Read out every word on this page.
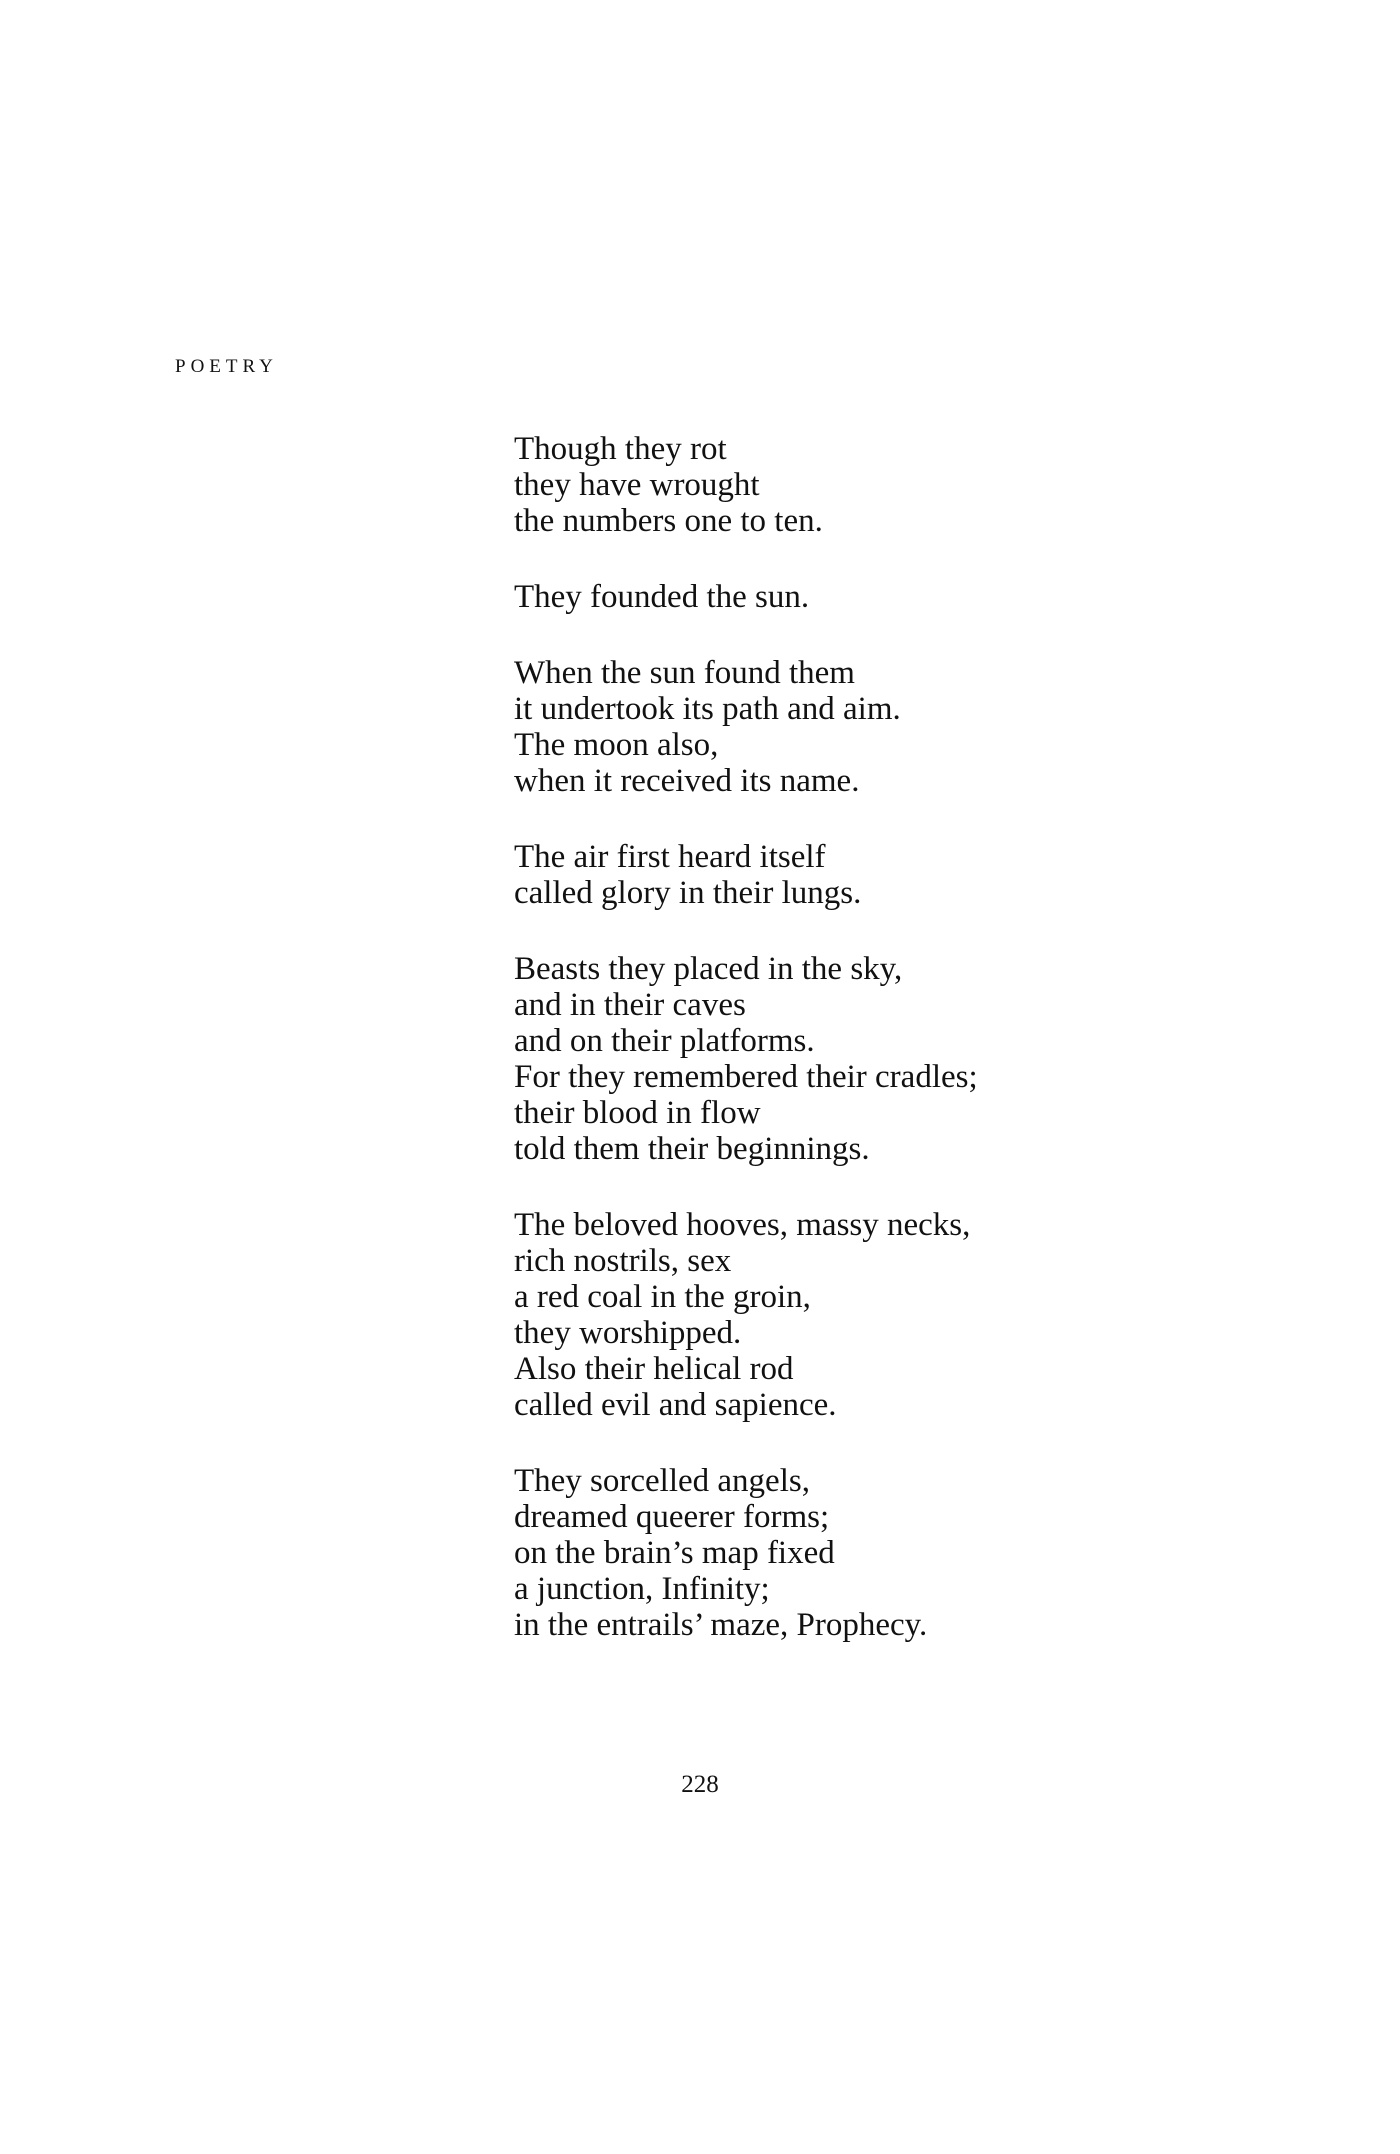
POETRY
Though they rot
they have wrought
the numbers one to ten.
They founded the sun.
When the sun found them
it undertook its path and aim.
The moon also,
when it received its name.
The air first heard itself
called glory in their lungs.
Beasts they placed in the sky,
and in their caves
and on their platforms.
For they remembered their cradles;
their blood in flow
told them their beginnings.
The beloved hooves, massy necks,
rich nostrils, sex
a red coal in the groin,
they worshipped.
Also their helical rod
called evil and sapience.
They sorcelled angels,
dreamed queerer forms;
on the brain’s map fixed
a junction, Infinity;
in the entrails’ maze, Prophecy.
228
